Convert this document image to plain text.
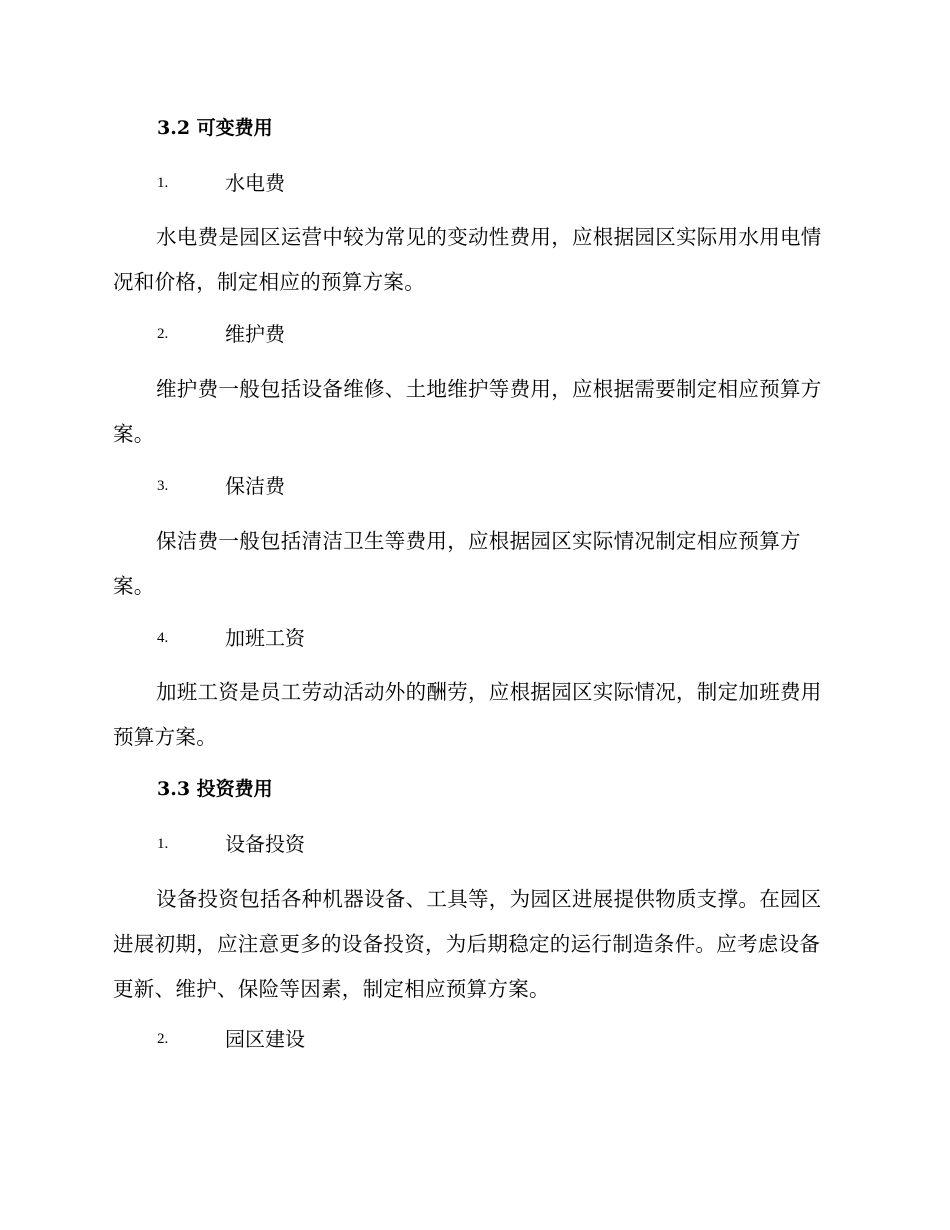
3.2 可变费用
1.	水电费

水电费是园区运营中较为常见的变动性费用，应根据园区实际用水用电情况和价格，制定相应的预算方案。

2.	维护费

维护费一般包括设备维修、土地维护等费用，应根据需要制定相应预算方案。

3.	保洁费

保洁费一般包括清洁卫生等费用，应根据园区实际情况制定相应预算方案。

4.	加班工资

加班工资是员工劳动活动外的酬劳，应根据园区实际情况，制定加班费用预算方案。

3.3 投资费用
1.	设备投资

设备投资包括各种机器设备、工具等，为园区进展提供物质支撑。在园区进展初期，应注意更多的设备投资，为后期稳定的运行制造条件。应考虑设备更新、维护、保险等因素，制定相应预算方案。

2.	园区建设
